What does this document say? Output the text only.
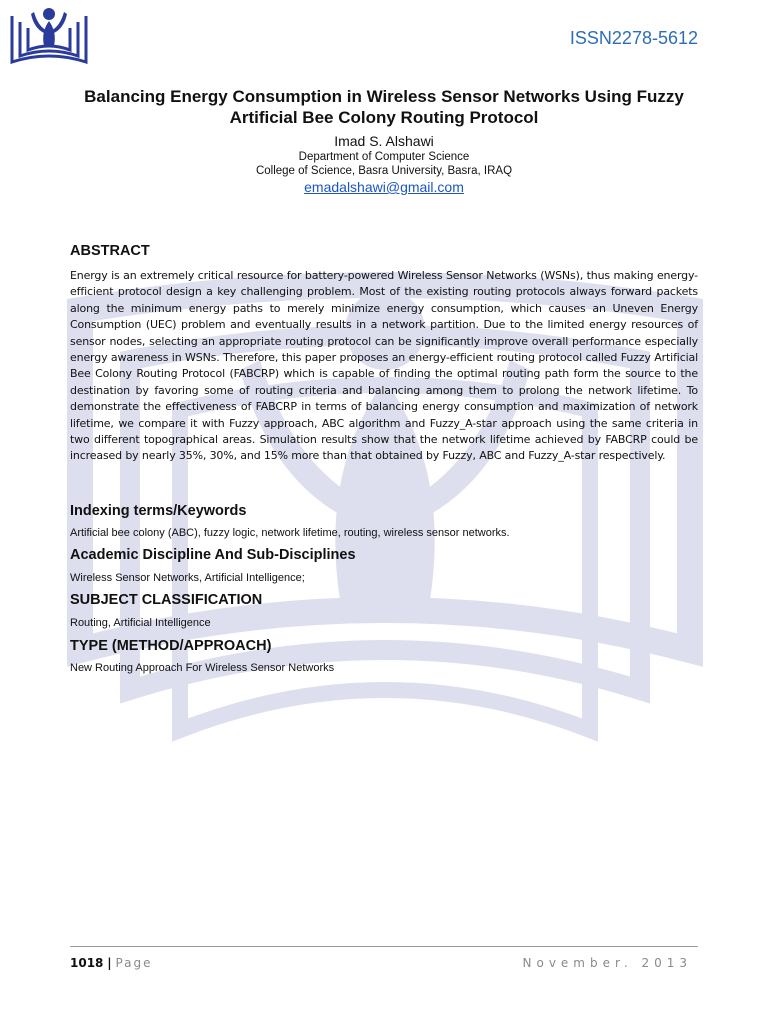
ISSN2278-5612
Balancing Energy Consumption in Wireless Sensor Networks Using Fuzzy Artificial Bee Colony Routing Protocol
Imad S. Alshawi
Department of Computer Science
College of Science, Basra University, Basra, IRAQ
emadalshawi@gmail.com
ABSTRACT

Energy is an extremely critical resource for battery-powered Wireless Sensor Networks (WSNs), thus making energy-efficient protocol design a key challenging problem. Most of the existing routing protocols always forward packets along the minimum energy paths to merely minimize energy consumption, which causes an Uneven Energy Consumption (UEC) problem and eventually results in a network partition. Due to the limited energy resources of sensor nodes, selecting an appropriate routing protocol can be significantly improve overall performance especially energy awareness in WSNs. Therefore, this paper proposes an energy-efficient routing protocol called Fuzzy Artificial Bee Colony Routing Protocol (FABCRP) which is capable of finding the optimal routing path form the source to the destination by favoring some of routing criteria and balancing among them to prolong the network lifetime. To demonstrate the effectiveness of FABCRP in terms of balancing energy consumption and maximization of network lifetime, we compare it with Fuzzy approach, ABC algorithm and Fuzzy_A-star approach using the same criteria in two different topographical areas. Simulation results show that the network lifetime achieved by FABCRP could be increased by nearly 35%, 30%, and 15% more than that obtained by Fuzzy, ABC and Fuzzy_A-star respectively.

Indexing terms/Keywords

Artificial bee colony (ABC), fuzzy logic, network lifetime, routing, wireless sensor networks.

Academic Discipline And Sub-Disciplines

Wireless Sensor Networks, Artificial Intelligence;

SUBJECT CLASSIFICATION

Routing, Artificial Intelligence

TYPE (METHOD/APPROACH)

New Routing Approach For Wireless Sensor Networks

1018 | Page	November. 2013
